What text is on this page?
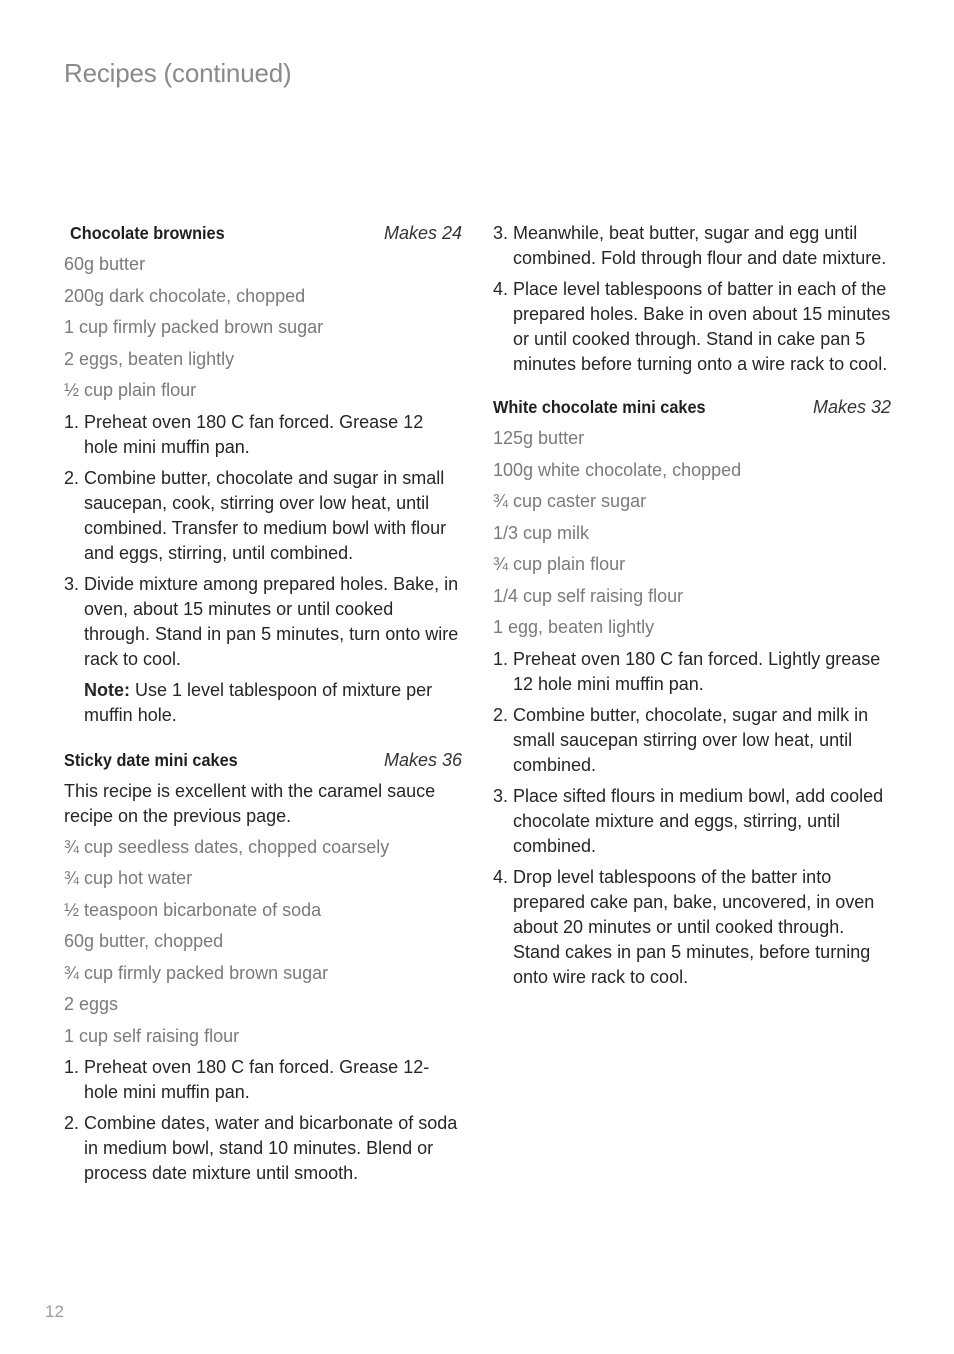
Recipes (continued)
Chocolate brownies	Makes 24
60g butter
200g dark chocolate, chopped
1 cup firmly packed brown sugar
2 eggs, beaten lightly
½ cup plain flour
1. Preheat oven 180 C fan forced. Grease 12 hole mini muffin pan.
2. Combine butter, chocolate and sugar in small saucepan, cook, stirring over low heat, until combined. Transfer to medium bowl with flour and eggs, stirring, until combined.
3. Divide mixture among prepared holes. Bake, in oven, about 15 minutes or until cooked through. Stand in pan 5 minutes, turn onto wire rack to cool.

Note: Use 1 level tablespoon of mixture per muffin hole.

Sticky date mini cakes	Makes 36

This recipe is excellent with the caramel sauce recipe on the previous page.

¾ cup seedless dates, chopped coarsely
¾ cup hot water
½ teaspoon bicarbonate of soda
60g butter, chopped
¾ cup firmly packed brown sugar
2 eggs
1 cup self raising flour
1. Preheat oven 180 C fan forced. Grease 12-hole mini muffin pan.
2. Combine dates, water and bicarbonate of soda in medium bowl, stand 10 minutes. Blend or process date mixture until smooth.
3. Meanwhile, beat butter, sugar and egg until combined. Fold through flour and date mixture.
4. Place level tablespoons of batter in each of the prepared holes. Bake in oven about 15 minutes or until cooked through. Stand in cake pan 5 minutes before turning onto a wire rack to cool.
White chocolate mini cakes	Makes 32
125g butter
100g white chocolate, chopped
¾ cup caster sugar
1/3 cup milk
¾ cup plain flour
1/4 cup self raising flour
1 egg, beaten lightly
1. Preheat oven 180 C fan forced. Lightly grease 12 hole mini muffin pan.
2. Combine butter, chocolate, sugar and milk in small saucepan stirring over low heat, until combined.
3. Place sifted flours in medium bowl, add cooled chocolate mixture and eggs, stirring, until combined.
4. Drop level tablespoons of the batter into prepared cake pan, bake, uncovered, in oven about 20 minutes or until cooked through. Stand cakes in pan 5 minutes, before turning onto wire rack to cool.
12
